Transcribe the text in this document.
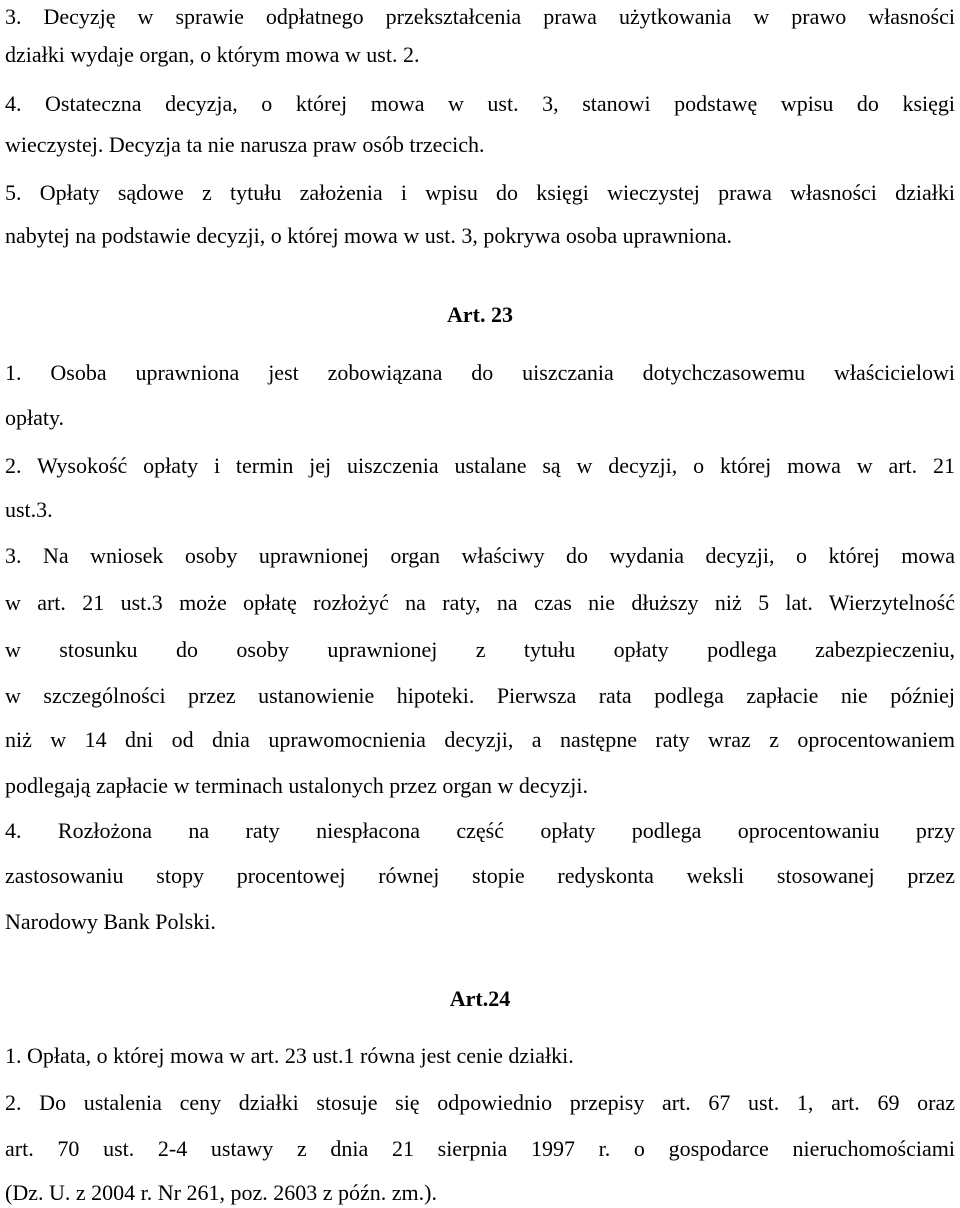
3. Decyzję w sprawie odpłatnego przekształcenia prawa użytkowania w prawo własności
działki wydaje organ, o którym mowa w ust. 2.
4. Ostateczna decyzja, o której mowa w ust. 3, stanowi podstawę wpisu do księgi
wieczystej. Decyzja ta nie narusza praw osób trzecich.
5. Opłaty sądowe z tytułu założenia i wpisu do księgi wieczystej prawa własności działki
nabytej na podstawie decyzji, o której mowa w ust. 3, pokrywa osoba uprawniona.
Art. 23
1. Osoba uprawniona jest zobowiązana do uiszczania dotychczasowemu właścicielowi
opłaty.
2. Wysokość opłaty i termin jej uiszczenia ustalane są w decyzji, o której mowa w art. 21
ust.3.
3. Na wniosek osoby uprawnionej organ właściwy do wydania decyzji, o której mowa
w art. 21 ust.3 może opłatę rozłożyć na raty, na czas nie dłuższy niż 5 lat. Wierzytelność
w stosunku do osoby uprawnionej z tytułu opłaty podlega zabezpieczeniu,
w szczególności przez ustanowienie hipoteki. Pierwsza rata podlega zapłacie nie później
niż w 14 dni od dnia uprawomocnienia decyzji, a następne raty wraz z oprocentowaniem
podlegają zapłacie w terminach ustalonych przez organ w decyzji.
4. Rozłożona na raty niespłacona część opłaty podlega oprocentowaniu przy
zastosowaniu stopy procentowej równej stopie redyskonta weksli stosowanej przez
Narodowy Bank Polski.
Art.24
1. Opłata, o której mowa w art. 23 ust.1 równa jest cenie działki.
2. Do ustalenia ceny działki stosuje się odpowiednio przepisy art. 67 ust. 1, art. 69 oraz
art. 70 ust. 2-4 ustawy z dnia 21 sierpnia 1997 r. o gospodarce nieruchomościami
(Dz. U. z 2004 r. Nr 261, poz. 2603 z późn. zm.).
